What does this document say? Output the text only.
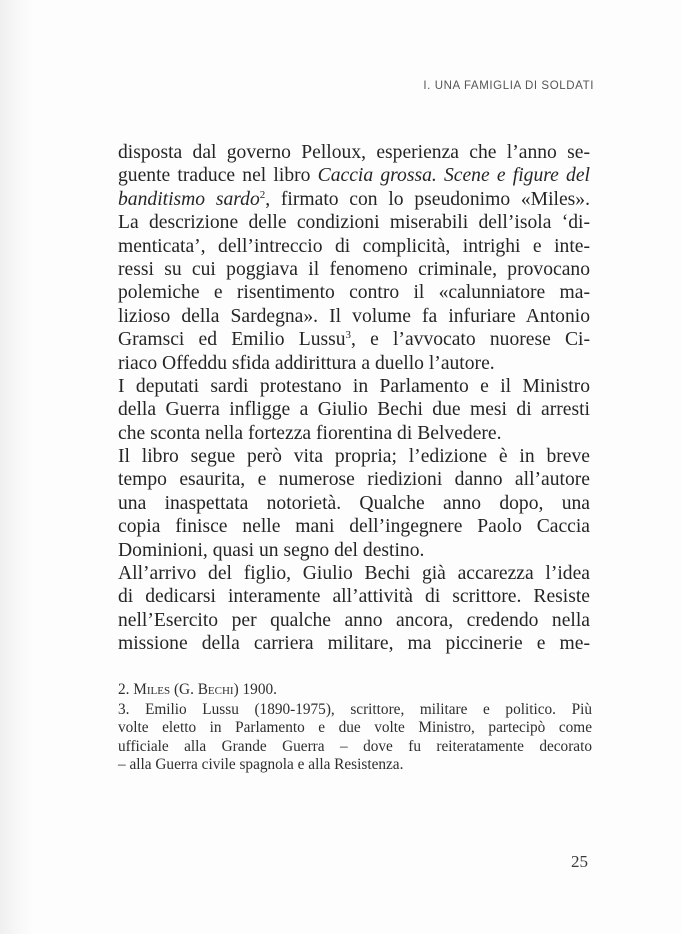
I. UNA FAMIGLIA DI SOLDATI
disposta dal governo Pelloux, esperienza che l’anno se-
guente traduce nel libro Caccia grossa. Scene e figure del
banditismo sardo$^2$, firmato con lo pseudonimo «Miles».
La descrizione delle condizioni miserabili dell’isola ‘di-
menticata’, dell’intreccio di complicità, intrighi e inte-
ressi su cui poggiava il fenomeno criminale, provocano
polemiche e risentimento contro il «calunniatore ma-
lizioso della Sardegna». Il volume fa infuriare Antonio
Gramsci ed Emilio Lussu$^3$, e l’avvocato nuorese Ci-
riaco Offeddu sfida addirittura a duello l’autore.
I deputati sardi protestano in Parlamento e il Ministro
della Guerra infligge a Giulio Bechi due mesi di arresti
che sconta nella fortezza fiorentina di Belvedere.
Il libro segue però vita propria; l’edizione è in breve
tempo esaurita, e numerose riedizioni danno all’autore
una inaspettata notorietà. Qualche anno dopo, una
copia finisce nelle mani dell’ingegnere Paolo Caccia
Dominioni, quasi un segno del destino.
All’arrivo del figlio, Giulio Bechi già accarezza l’idea
di dedicarsi interamente all’attività di scrittore. Resiste
nell’Esercito per qualche anno ancora, credendo nella
missione della carriera militare, ma piccinerie e me-
2. Miles (G. Bechi) 1900.
3. Emilio Lussu (1890-1975), scrittore, militare e politico. Più
volte eletto in Parlamento e due volte Ministro, partecipò come
ufficiale alla Grande Guerra – dove fu reiteratamente decorato
– alla Guerra civile spagnola e alla Resistenza.
25
